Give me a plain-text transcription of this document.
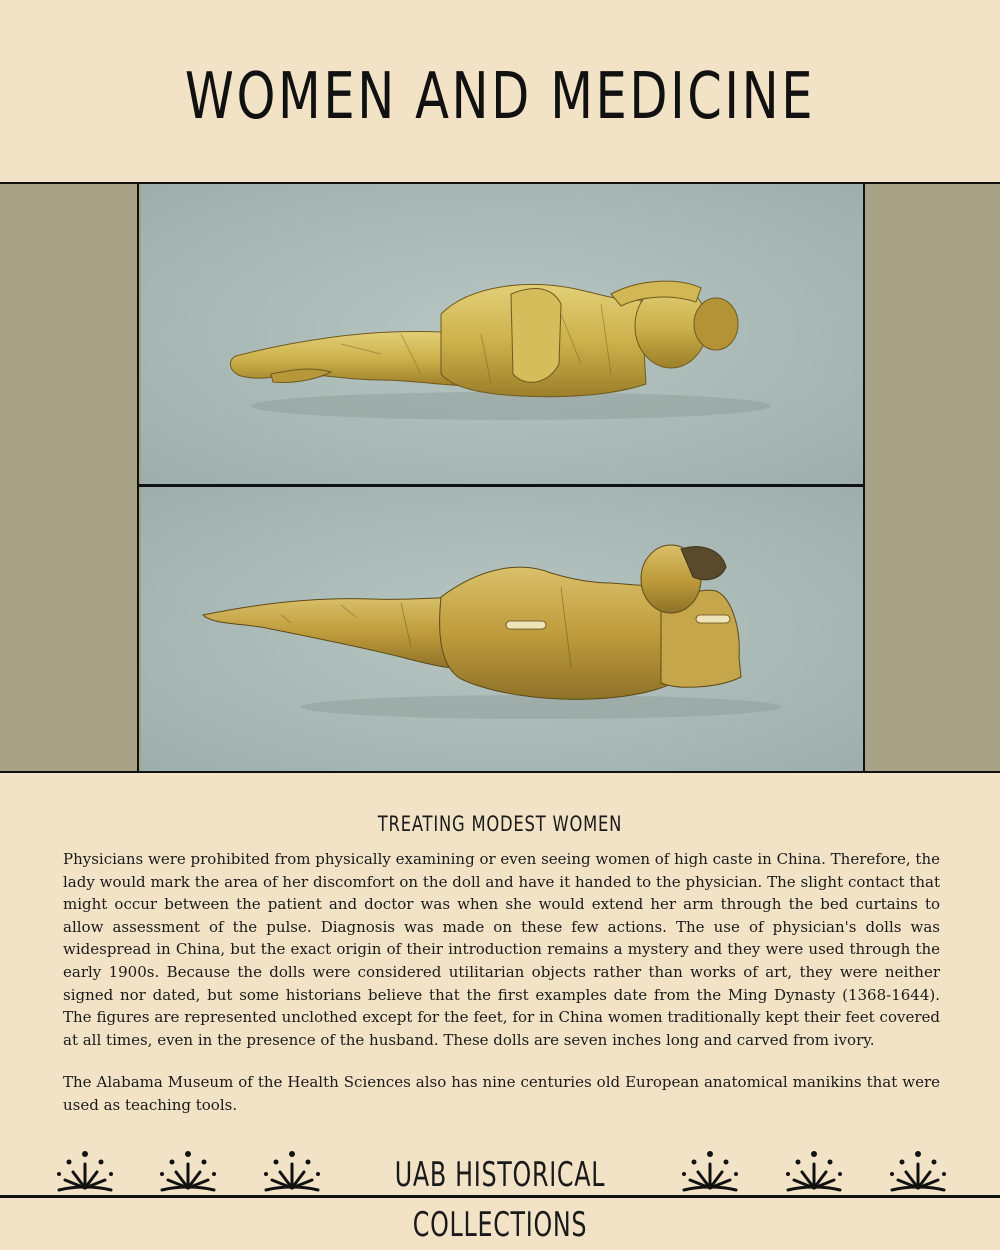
WOMEN AND MEDICINE
TREATING MODEST WOMEN

Physicians were prohibited from physically examining or even seeing women of high caste in China. Therefore, the lady would mark the area of her discomfort on the doll and have it handed to the physician. The slight contact that might occur between the patient and doctor was when she would extend her arm through the bed curtains to allow assessment of the pulse. Diagnosis was made on these few actions. The use of physician's dolls was widespread in China, but the exact origin of their introduction remains a mystery and they were used through the early 1900s. Because the dolls were considered utilitarian objects rather than works of art, they were neither signed nor dated, but some historians believe that the first examples date from the Ming Dynasty (1368-1644). The figures are represented unclothed except for the feet, for in China women traditionally kept their feet covered at all times, even in the presence of the husband. These dolls are seven inches long and carved from ivory.

The Alabama Museum of the Health Sciences also has nine centuries old European anatomical manikins that were used as teaching tools.

UAB HISTORICAL COLLECTIONS
